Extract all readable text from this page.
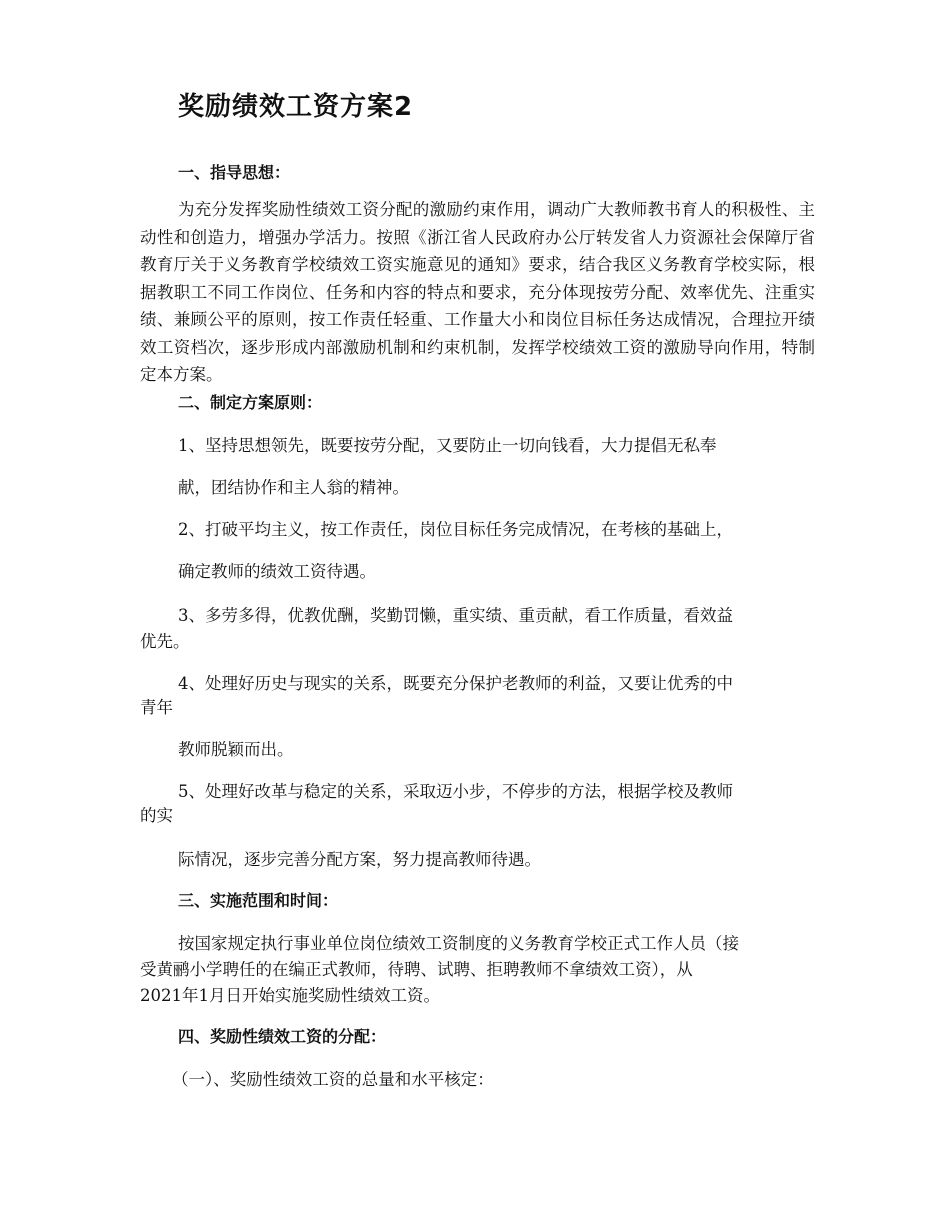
奖励绩效工资方案2
一、指导思想：
为充分发挥奖励性绩效工资分配的激励约束作用，调动广大教师教书育人的积极性、主动性和创造力，增强办学活力。按照《浙江省人民政府办公厅转发省人力资源社会保障厅省教育厅关于义务教育学校绩效工资实施意见的通知》要求，结合我区义务教育学校实际，根据教职工不同工作岗位、任务和内容的特点和要求，充分体现按劳分配、效率优先、注重实绩、兼顾公平的原则，按工作责任轻重、工作量大小和岗位目标任务达成情况，合理拉开绩效工资档次，逐步形成内部激励机制和约束机制，发挥学校绩效工资的激励导向作用，特制定本方案。
二、制定方案原则：
1、坚持思想领先，既要按劳分配，又要防止一切向钱看，大力提倡无私奉
献，团结协作和主人翁的精神。
2、打破平均主义，按工作责任，岗位目标任务完成情况，在考核的基础上，
确定教师的绩效工资待遇。
3、多劳多得，优教优酬，奖勤罚懒，重实绩、重贡献，看工作质量，看效益
优先。
4、处理好历史与现实的关系，既要充分保护老教师的利益，又要让优秀的中
青年
教师脱颖而出。
5、处理好改革与稳定的关系，采取迈小步，不停步的方法，根据学校及教师
的实
际情况，逐步完善分配方案，努力提高教师待遇。
三、实施范围和时间：
按国家规定执行事业单位岗位绩效工资制度的义务教育学校正式工作人员（接
受黄鹂小学聘任的在编正式教师，待聘、试聘、拒聘教师不拿绩效工资），从
2021年1月日开始实施奖励性绩效工资。
四、奖励性绩效工资的分配：
（一）、奖励性绩效工资的总量和水平核定：
